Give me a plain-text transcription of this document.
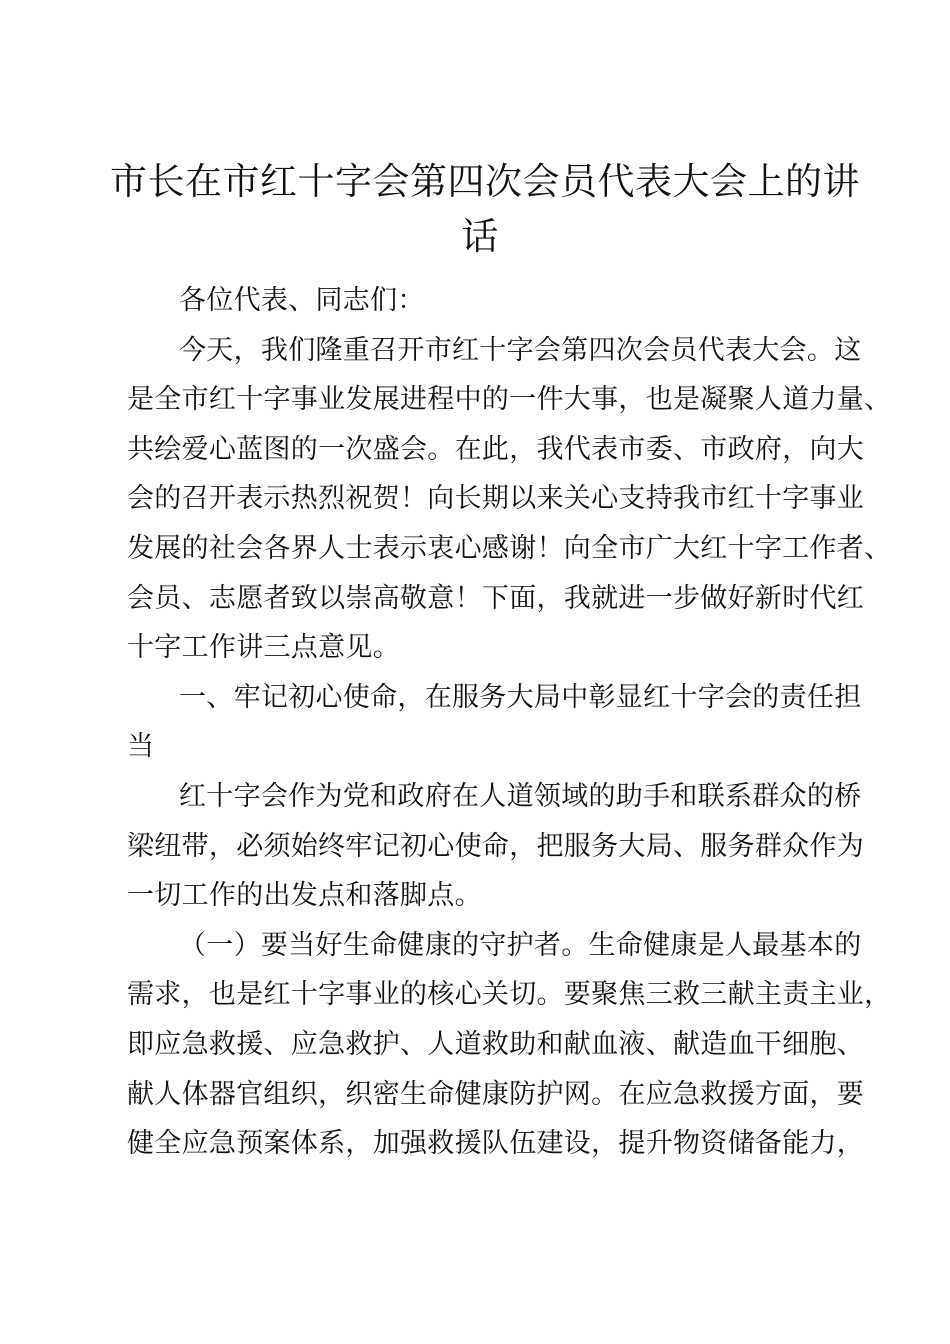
市长在市红十字会第四次会员代表大会上的讲
话

各位代表、同志们：

今天，我们隆重召开市红十字会第四次会员代表大会。这
是全市红十字事业发展进程中的一件大事，也是凝聚人道力量、
共绘爱心蓝图的一次盛会。在此，我代表市委、市政府，向大
会的召开表示热烈祝贺！向长期以来关心支持我市红十字事业
发展的社会各界人士表示衷心感谢！向全市广大红十字工作者、
会员、志愿者致以崇高敬意！下面，我就进一步做好新时代红
十字工作讲三点意见。

一、牢记初心使命，在服务大局中彰显红十字会的责任担
当

红十字会作为党和政府在人道领域的助手和联系群众的桥
梁纽带，必须始终牢记初心使命，把服务大局、服务群众作为
一切工作的出发点和落脚点。

（一）要当好生命健康的守护者。生命健康是人最基本的
需求，也是红十字事业的核心关切。要聚焦三救三献主责主业，
即应急救援、应急救护、人道救助和献血液、献造血干细胞、
献人体器官组织，织密生命健康防护网。在应急救援方面，要
健全应急预案体系，加强救援队伍建设，提升物资储备能力，
